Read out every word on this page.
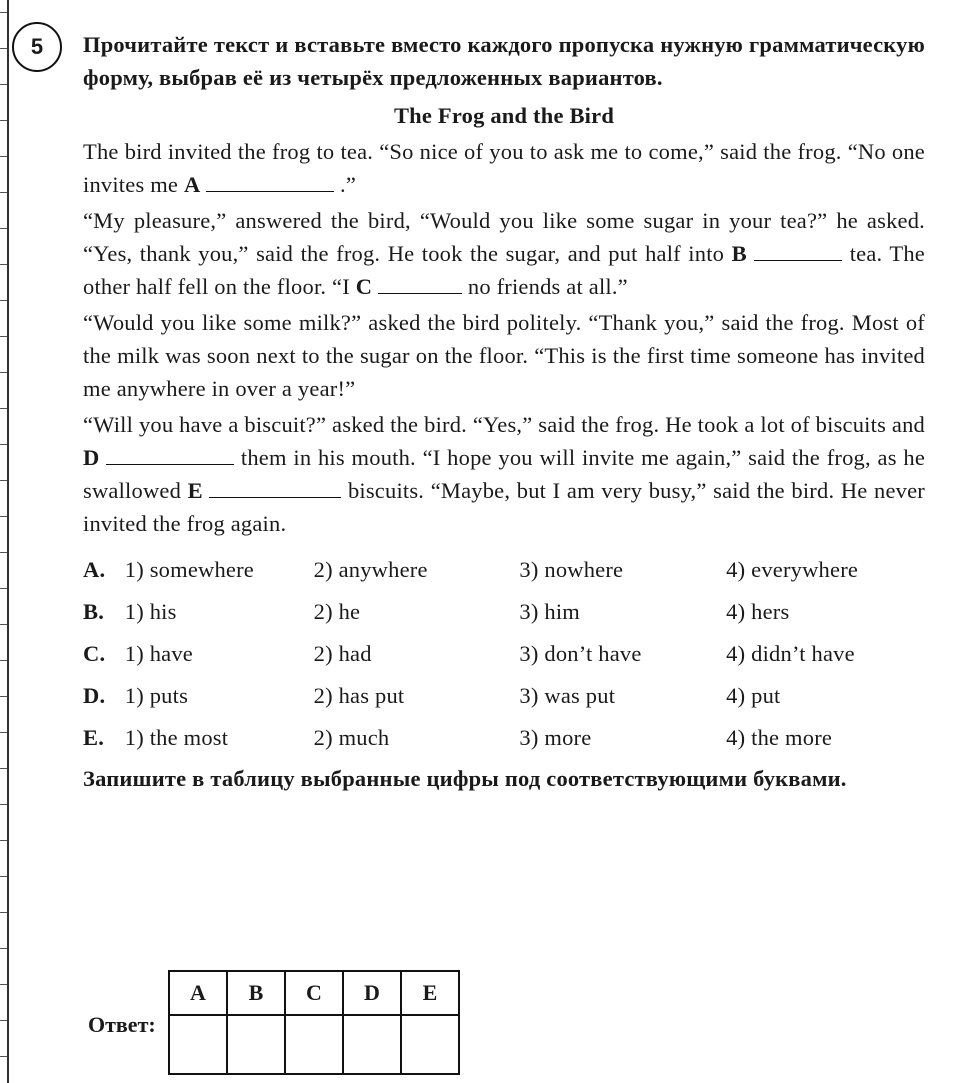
5 Прочитайте текст и вставьте вместо каждого пропуска нужную грамматическую форму, выбрав её из четырёх предложенных вариантов.

The Frog and the Bird

The bird invited the frog to tea. “So nice of you to ask me to come,” said the frog. “No one invites me A	.”

“My pleasure,” answered the bird, “Would you like some sugar in your tea?” he asked. “Yes, thank you,” said the frog. He took the sugar, and put half into B	tea. The other half fell on the floor. “I C	no friends at all.”

“Would you like some milk?” asked the bird politely. “Thank you,” said the frog. Most of the milk was soon next to the sugar on the floor. “This is the first time someone has invited me anywhere in over a year!”

“Will you have a biscuit?” asked the bird. “Yes,” said the frog. He took a lot of biscuits and D	them in his mouth. “I hope you will invite me again,” said the frog, as he swallowed E	biscuits. “Maybe, but I am very busy,” said the bird. He never invited the frog again.

A. 1) somewhere	2) anywhere	3) nowhere	4) everywhere
B. 1) his	2) he	3) him	4) hers
C. 1) have	2) had	3) don’t have	4) didn’t have
D. 1) puts	2) has put	3) was put	4) put
E. 1) the most	2) much	3) more	4) the more
Запишите в таблицу выбранные цифры под соответствующими буквами.
Ответ:
A	B	C	D	E
